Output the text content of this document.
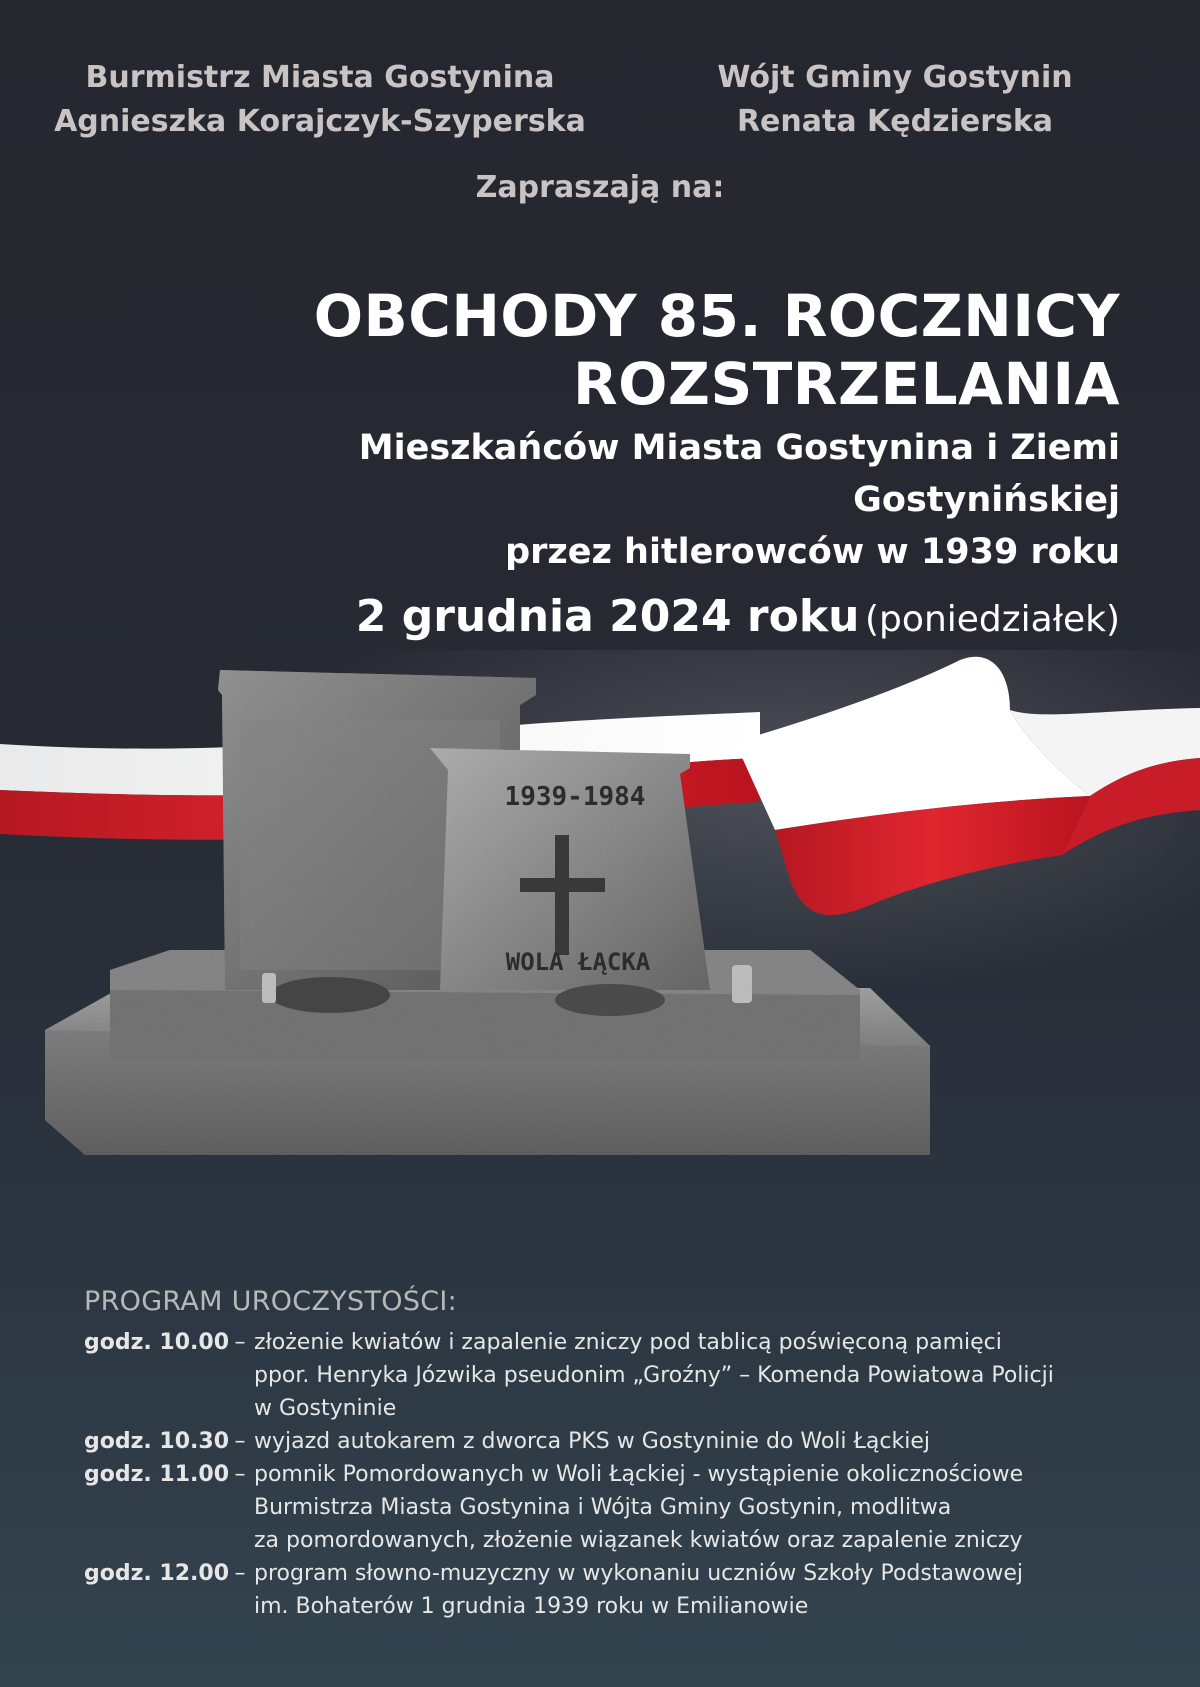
Burmistrz Miasta Gostynina
Agnieszka Korajczyk-Szyperska
Wójt Gminy Gostynin
Renata Kędzierska
Zapraszają na:
OBCHODY 85. ROCZNICY
ROZSTRZELANIA
Mieszkańców Miasta Gostynina i Ziemi Gostynińskiej
przez hitlerowców w 1939 roku
2 grudnia 2024 roku (poniedziałek)
1939-1984
WOLA ŁĄCKA
PROGRAM UROCZYSTOŚCI:
godz. 10.00 – złożenie kwiatów i zapalenie zniczy pod tablicą poświęconą pamięci
ppor. Henryka Józwika pseudonim „Groźny” – Komenda Powiatowa Policji
w Gostyninie
godz. 10.30 – wyjazd autokarem z dworca PKS w Gostyninie do Woli Łąckiej
godz. 11.00 – pomnik Pomordowanych w Woli Łąckiej - wystąpienie okolicznościowe
Burmistrza Miasta Gostynina i Wójta Gminy Gostynin, modlitwa
za pomordowanych, złożenie wiązanek kwiatów oraz zapalenie zniczy
godz. 12.00 – program słowno-muzyczny w wykonaniu uczniów Szkoły Podstawowej
im. Bohaterów 1 grudnia 1939 roku w Emilianowie
